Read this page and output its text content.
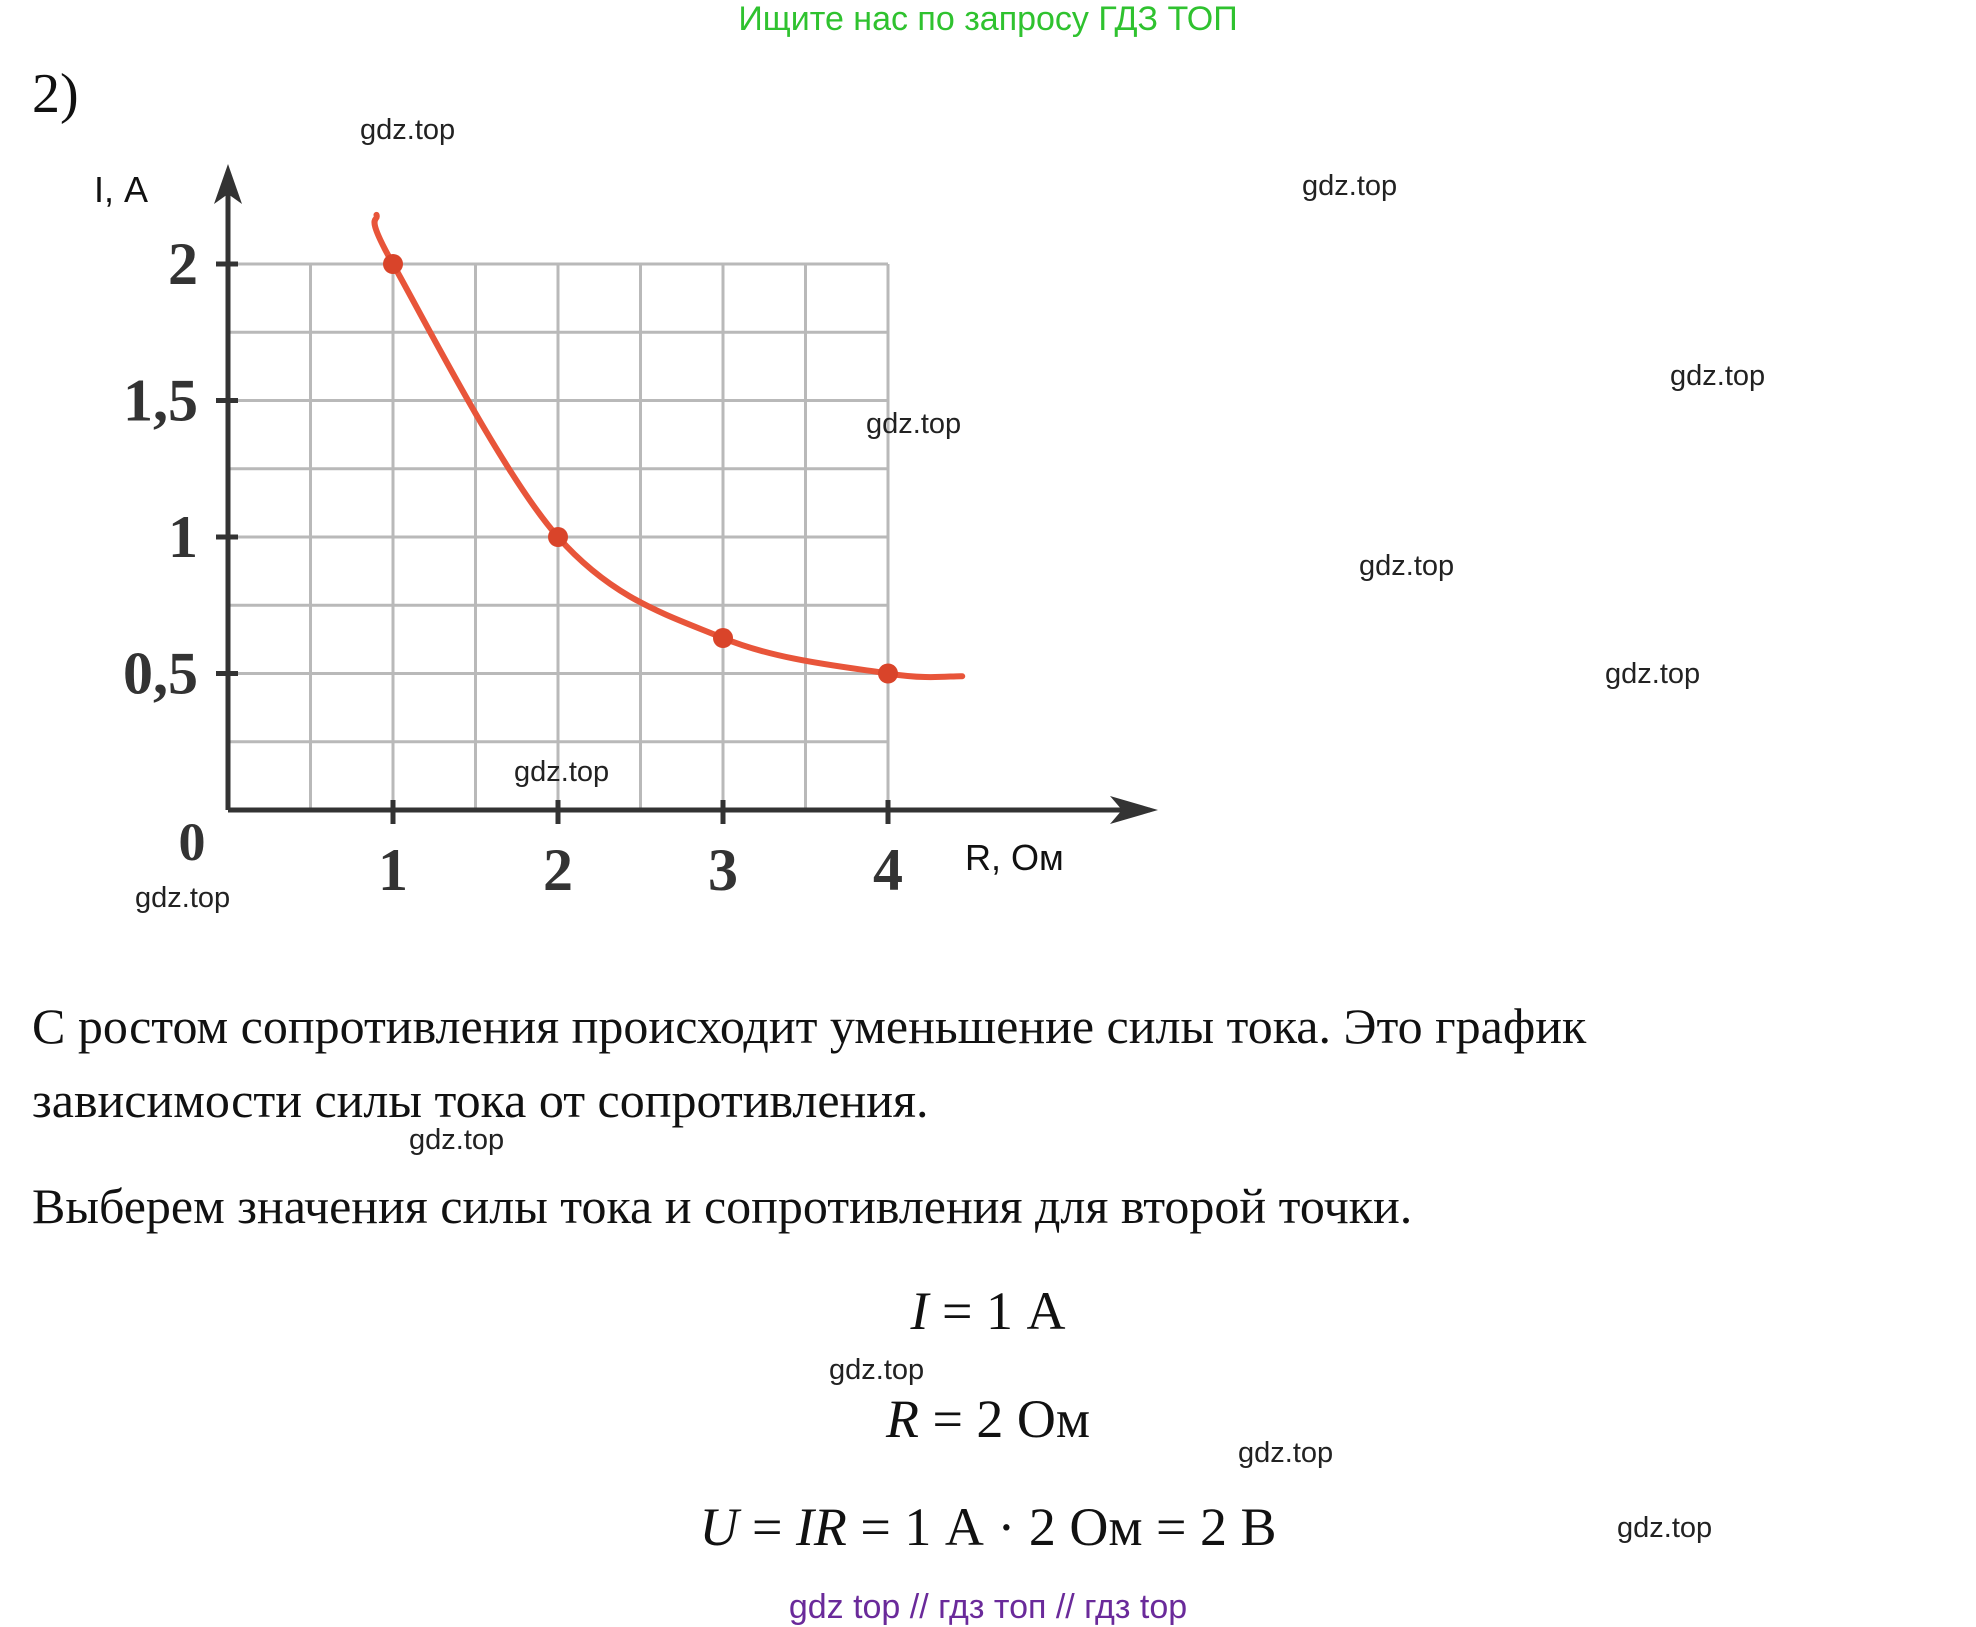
Ищите нас по запросу ГДЗ ТОП
2)
1 2 3 4
0,5
1
1,5
2
I, А
R, Ом
0
gdz.top
gdz.top
gdz.top
gdz.top
gdz.top
gdz.top
gdz.top
gdz.top
gdz.top
gdz.top
gdz.top
gdz.top
С ростом сопротивления происходит уменьшение силы тока. Это график
зависимости силы тока от сопротивления.
Выберем значения силы тока и сопротивления для второй точки.
I = 1 А
R = 2 Ом
U = IR = 1 А · 2 Ом = 2 В
gdz top // гдз топ // гдз top
